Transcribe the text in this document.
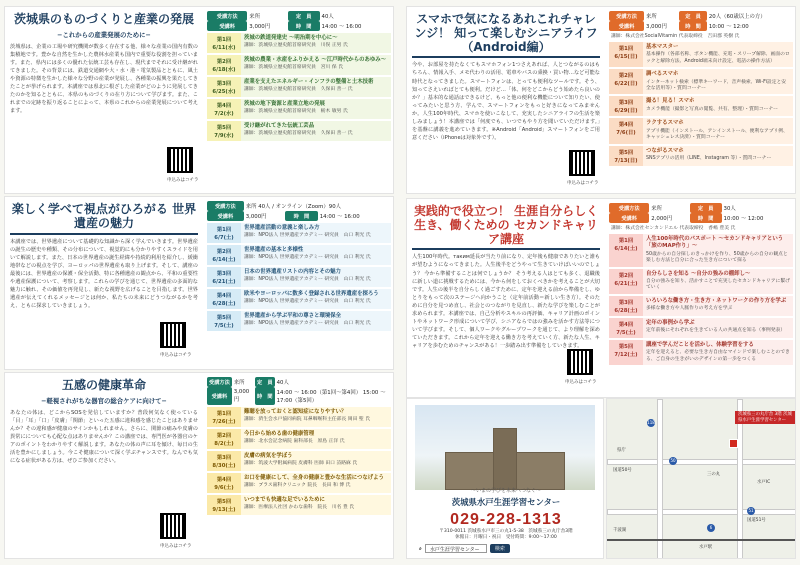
茨城県のものづくりと産業の発展
−これからの産業発展のために−
茨城県は、企業の工場や研究機関が数多く存在する他、様々な産業の国内有数の集積地です。豊かな自然を生かした農林水産業も国内で重要な役割を担っています。また、県内には多くの優れた伝統工芸も存在し、現代までそれに受け継がれてきました。その背景には、鉄道交通網や大・水・港・電気製品とともに、風土や資源の特徴を生かした様々な分野の産業が発展し、各種業の振興を果たしてきたことが挙げられます。本講座では県北に根ざした産業がどのように発展してきたのかを知るとともに、本県のものづくりの在り方について学びます。また、これまでの定跡を振り返ることによって、本県のこれからの産業発展について考えます。
申込みはコチラ
受講方法	来所	定　員	40人
受講料	3,000円	時　間	14:00 〜 16:00
第1回
6/11(水)
茨城の鉄道発達史 〜明治期を中心に〜
講師：茨城県立歴史館首席研究員　川俣 正男 氏
第2回
6/18(水)
茨城の農業・水産をふりかえる 〜江戸時代からのあゆみ〜
講師：茨城県立歴史館首席研究員　宮川 保 氏
第3回
6/25(水)
産業を支えたエネルギー・インフラの整備と土木技術
講師：茨城県立歴史館首席研究員　久保田 善一 氏
第4回
7/2(水)
茨城の地下資源と産業立地の発展
講師：茨城県立歴史館首席研究員　栃木 敏男 氏
第5回
7/9(水)
受け継がれてきた伝統工芸品
講師：茨城県立歴史館首席研究員　久保田 善一 氏
楽しく学べて視点がひろがる 世界遺産の魅力
本講座では、世界遺産について基礎的な知識から深く学んでいきます。世界遺産の誕生の歴史や種類、その分布について、視覚的にも分かりやすくスライドを用いて解説します。また、日本の世界遺産の誕生経緯や持続的利用を紹介し、緩衝地帯などの視点を学び、ヨーロッパの世界遺産も取り上げます。そして、講座の最後には、世界遺産の保護・保全活動、特に各種遺産の観点から、平和の重要性や遺産保護について、考察します。これらの学びを通じて、世界遺産の多面的な魅力に触れ、その価値を再発見し、新たな視野を広げることを目指します。世界遺産が伝えてくれるメッセージとは何か、私たちの未来にどうつながるかを考え、ともに探求していきましょう。
申込みはコチラ
受講方法	来所 40人 / オンライン（Zoom）90人		
受講料	3,000円	時　間	14:00 〜 16:00
第1回
6/7(土)
世界遺産活動の意義と楽しみ方
講師：NPO法人 世界遺産アカデミー 研究員　山口 利光 氏
第2回
6/14(土)
世界遺産の基本と多様性
講師：NPO法人 世界遺産アカデミー 研究員　山口 利光 氏
第3回
6/21(土)
日本の世界遺産リストの内容とその魅力
講師：NPO法人 世界遺産アカデミー 研究員　山口 利光 氏
第4回
6/28(土)
欧米やヨーロッパに数多く登録される世界遺産を探ろう
講師：NPO法人 世界遺産アカデミー 研究員　山口 利光 氏
第5回
7/5(土)
世界遺産から学ぶ平和の尊さと環境保全
講師：NPO法人 世界遺産アカデミー 研究員　山口 利光 氏
五感の健康革命
−軽視されがちな器官の総合ケアに向けて−
あなたの体は、どこからSOSを発信していますか？普段何気なく使っている「目」「耳」「口」「皮膚」「関節」といった五感に違和感を感じたことはありませんか？その違和感が健康のサインかもしれません。さらに、関節の痛みや皮膚の異常にについても心配な点はありませんか？この講座では、専門医が各器官のケアのポイントをわかりやすく解説します。あなたの体の声に耳を傾け、毎日の生活を豊かにしましょう。今こそ健康について深く学ぶチャンスです。なんでも気になる症状がある方は、ぜひご参加ください。
申込みはコチラ
受講方法	来所	定　員	40人
受講料	3,000円	時　間	14:00 〜 16:00（第1回〜第4回） 15:00 〜 17:00（第5回）
第1回
7/26(土)
難聴を放っておくと認知症になりやすい？
講師：済生会水戸協同病院 耳鼻咽喉科主任部長 岡田 聖 氏
第2回
8/2(土)
今日から始める歯の健康管理
講師：北水会記念病院 歯科部長　原島 正洋 氏
第3回
8/30(土)
皮膚の病気を学ぼう
講師：筑波大学附属病院 皮膚科 医師 田口 詩路麻 氏
第4回
9/6(土)
お口を健康にして、全身の健康と豊かな生活につなげよう
講師：ブラス歯科クリニック 院長　長田 和 博 氏
第5回
9/13(土)
いつまでも快適な足でいるために
講師：医療法人社団 かわな歯科　院長　川名 豊 氏
スマホで気になるあれこれチャレンジ！ 知って楽しむシニアライフ（Android編）
今や、お部屋を持たなくてもスマホフォン1つさえあれば、人とつながるのはもちろん、情報入手、メモ代わりの活用、電車やバスの乗換・買い物…など可能な時代となってきました。スマートフォンは、とっても便利なツールです。そう、知ってさえいればとても便利。だけど…「体、何をどこからどう始めたら良いのか？」基本的な通話はできるけど、もっと他の便利な機能について知りたい、使ってみたいと思う方、学んで、スマートフォンをもっと好きになってみませんか。人生100年時代、スマホを使いこなして、充実したシニアライフの生活を楽しみましょう！本講座では「何度でも、いつでもやり方を聞いていただけます。」を基盤に講義を進めていきます。※Android「Android」スマートフォンをご用意ください（iPhoneは対象外です）。
申込みはコチラ
受講方法	来所	定　員	20人（60歳以上の方）
受講料	3,000円	時　間	10:00 〜 12:00
講師：株式会社SocialVitamin 代表取締役　吉田郡 英樹 氏			
第1回
6/15(日)
基本マスター
基本操作（各部名称、ボタン機能、充電・スリープ解除、画面のロックと解除方法、Android端末向け設定、電話の操作方法）
第2回
6/22(日)
調べるスマホ
インターネット検索（標準キーワード、音声検索、Wi-Fi設定と安全な活用等）・質問コーナー
第3回
6/29(日)
撮る！見る！スマホ
カメラ機能（撮影と写真の閲覧、共有、整理）・質問コーナー
第4回
7/6(日)
ラクするスマホ
アプリ機能（インストール、アンインストール、便利なアプリ例、キャッシュレス決済）・質問コーナー
第5回
7/13(日)
つながるスマホ
SNSアプリの活用（LINE、Instagram 等）・質問コーナー
実践的で役立つ！ 生涯自分らしく生き、働くための セカンドキャリア講座
人生100年時代。таким延長が当たり前になり、定年後も健康でありたいと誰もが望むようになってきました。人生後半をどうやって生きていけばいいのでしょう？ 今から準備することは何でしょうか？ そう考える人はとても多く、退職後に新しい道に挑戦するためには、今から何をしておくべきかを考えることが大切です。人生の後半を自分らしく過ごすために、定年を迎える前から準備をし、ゆとりをもって次のステージへ向かうこと（定年前活動＝新しい生き方）。そのために自分を見つめ直し、社会とのつながりを見直し、新たな学びを楽しむことが求められます。本講座では、自己分析やスキルの再評価、キャリア計画のポイントやネットワーク形成について学び、シニアならではの強みを活かす方法等について学びます。そして、個人ワークやグループワークを通じて、より理解を深めていただきます。これから定年を迎える働き方を考えていく方、新たな人生、キャリアを歩むためのチャンスがある！一歩踏み出す準備をしていきます。
申込みはコチラ
受講方法	来所	定　員	30人
受講料	2,000円	時　間	10:00 〜 12:00
講師：株式会社センカンドエル 代表取締役　香嶋 豊美 氏			
第1回
6/14(土)
人生100年時代のパスポート 〜セカンドキャリアという「旅のMAP作り」〜
50歳からの自分探しのきっかけを作り、50歳からの自分の観点と楽しむ方法と自分に合った生き方について探る
第2回
6/21(土)
自分らしさを知る 〜自分の強みの棚卸し〜
自分の強みを知り、活かすことで充実したセカンドキャリアに繋げていく
第3回
6/28(土)
いろいろな働き方・生き方・ネットワークの作り方を学ぶ
多様な働き方や人脈作りの考え方を学ぶ
第4回
7/5(土)
定年の事例から学ぶ
定年前後にそれぞれを生きている人の共通点を知る（事例発表）
第5回
7/12(土)
講座で学んだことを活かし、体験学習をする
定年を迎えると、必要な生き方自由なマインドで楽しむことのできる、ご自身の生きがいのデザインの第一歩をつくる
〜いまの学びを未来へつなぐ〜
茨城県水戸生涯学習センター
029-228-1313
〒310-0011 茨城県水戸市三の丸1-5-38　茨城県三の丸庁舎3階
休館日：月曜日・祝日　受付時間：9:00〜17:00
⌕	水戸生涯学習センター	検索
茨城県三の丸庁舎 3階 茨城県水戸生涯学習センター
50
51
118
6
水戸駅
県庁
国道50号
国道51号
三の丸
千波湖
水戸IC
